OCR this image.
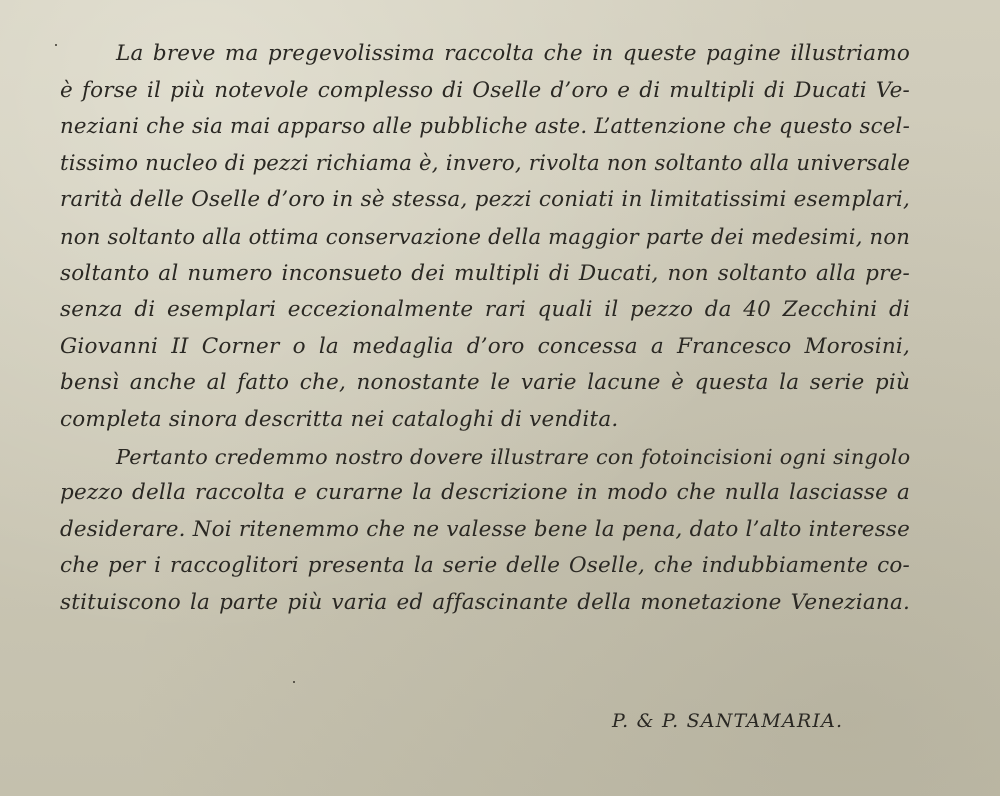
La breve ma pregevolissima raccolta che in queste pagine illustriamo
è forse il più notevole complesso di Oselle d’oro e di multipli di Ducati Ve-
neziani che sia mai apparso alle pubbliche aste. L’attenzione che questo scel-
tissimo nucleo di pezzi richiama è, invero, rivolta non soltanto alla universale
rarità delle Oselle d’oro in sè stessa, pezzi coniati in limitatissimi esemplari,
non soltanto alla ottima conservazione della maggior parte dei medesimi, non
soltanto al numero inconsueto dei multipli di Ducati, non soltanto alla pre-
senza di esemplari eccezionalmente rari quali il pezzo da 40 Zecchini di
Giovanni II Corner o la medaglia d’oro concessa a Francesco Morosini,
bensì anche al fatto che, nonostante le varie lacune è questa la serie più
completa sinora descritta nei cataloghi di vendita.
Pertanto credemmo nostro dovere illustrare con fotoincisioni ogni singolo
pezzo della raccolta e curarne la descrizione in modo che nulla lasciasse a
desiderare. Noi ritenemmo che ne valesse bene la pena, dato l’alto interesse
che per i raccoglitori presenta la serie delle Oselle, che indubbiamente co-
stituiscono la parte più varia ed affascinante della monetazione Veneziana.
P. & P. SANTAMARIA.
